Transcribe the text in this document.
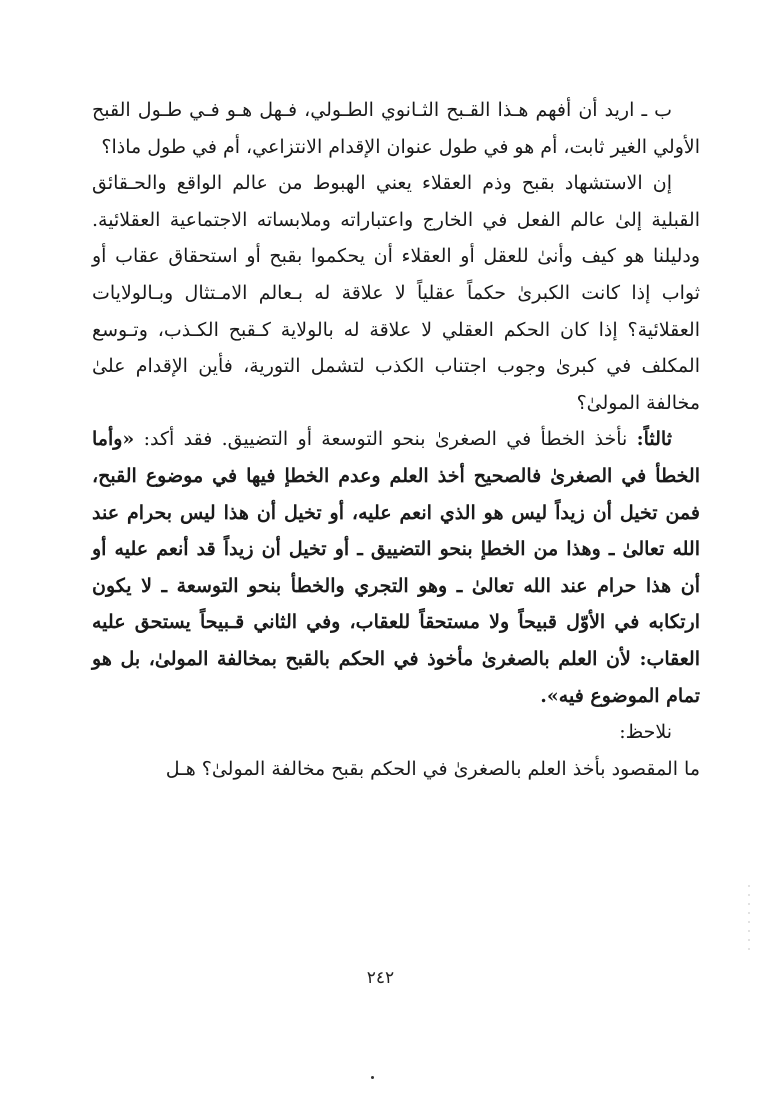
ب ـ اريد أن أفهم هـذا القـبح الثـانوي الطـولي، فـهل هـو فـي طـول القبح الأولي الغير ثابت، أم هو في طول عنوان الإقدام الانتزاعي، أم في طول ماذا؟

إن الاستشهاد بقبح وذم العقلاء يعني الهبوط من عالم الواقع والحـقائق القبلية إلىٰ عالم الفعل في الخارج واعتباراته وملابساته الاجتماعية العقلائية. ودليلنا هو كيف وأنىٰ للعقل أو العقلاء أن يحكموا بقبح أو استحقاق عقاب أو ثواب إذا كانت الكبرىٰ حكماً عقلياً لا علاقة له بـعالم الامـتثال وبـالولايات العقلائية؟ إذا كان الحكم العقلي لا علاقة له بالولاية كـقبح الكـذب، وتـوسع المكلف في كبرىٰ وجوب اجتناب الكذب لتشمل التورية، فأين الإقدام علىٰ مخالفة المولىٰ؟

ثالثاً: نأخذ الخطأ في الصغرىٰ بنحو التوسعة أو التضييق. فقد أكد: «وأما الخطأ في الصغرىٰ فالصحيح أخذ العلم وعدم الخطإ فيها في موضوع القبح، فمن تخيل أن زيداً ليس هو الذي انعم عليه، أو تخيل أن هذا ليس بحرام عند الله تعالىٰ ـ وهذا من الخطإ بنحو التضييق ـ أو تخيل أن زيداً قد أنعم عليه أو أن هذا حرام عند الله تعالىٰ ـ وهو التجري والخطأ بنحو التوسعة ـ لا يكون ارتكابه في الأوّل قبيحاً ولا مستحقاً للعقاب، وفي الثاني قـبيحاً يستحق عليه العقاب: لأن العلم بالصغرىٰ مأخوذ في الحكم بالقبح بمخالفة المولىٰ، بل هو تمام الموضوع فيه».

نلاحظ:

ما المقصود بأخذ العلم بالصغرىٰ في الحكم بقبح مخالفة المولىٰ؟ هـل

٢٤٢
